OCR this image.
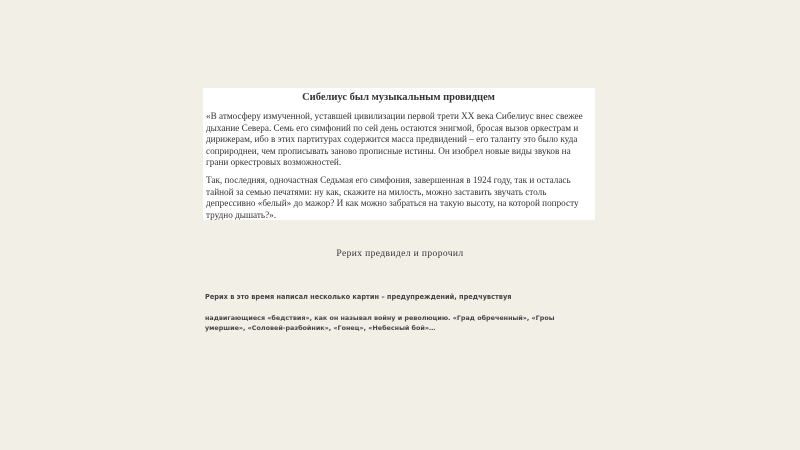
Сибелиус был музыкальным провидцем

«В атмосферу измученной, уставшей цивилизации первой трети XX века Сибелиус внес свежее дыхание Севера. Семь его симфоний по сей день остаются энигмой, бросая вызов оркестрам и дирижерам, ибо в этих партитурах содержится масса предвидений – его таланту это было куда соприроднеи, чем прописывать заново прописные истины. Он изобрел новые виды звуков на грани оркестровых возможностей.

Так, последняя, одночастная Седьмая его симфония, завершенная в 1924 году, так и осталась тайной за семью печатями: ну как, скажите на милость, можно заставить звучать столь депрессивно «белый» до мажор? И как можно забраться на такую высоту, на которой попросту трудно дышать?».

Рерих предвидел и пророчил
Рерих в это время написал несколько картин – предупреждений, предчувствуя
надвигающиеся «бедствия», как он называл войну и революцию. «Град обреченный», «Гроы умершие», «Соловей-разбойник», «Гонец», «Небесный бой»…
